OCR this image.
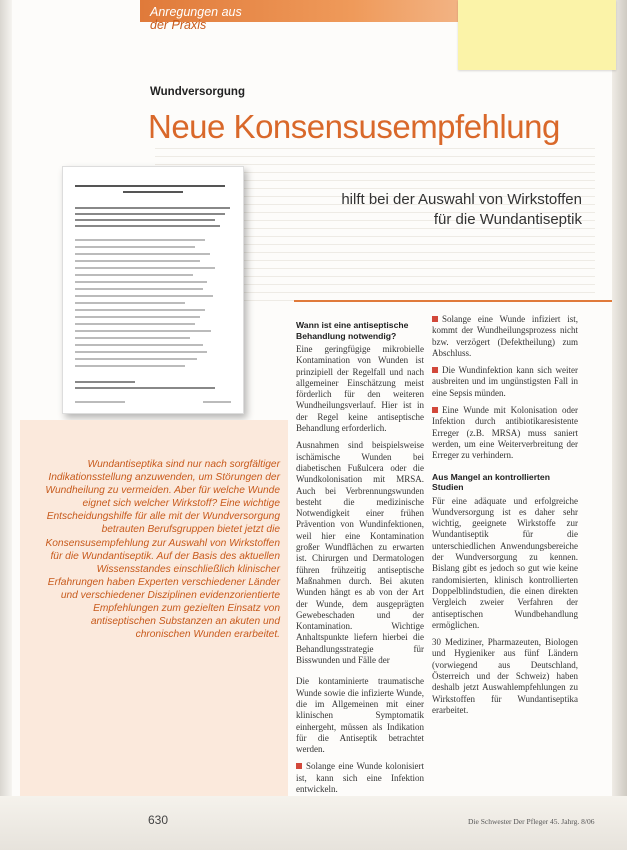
Anregungen aus
der Praxis
Wundversorgung
Neue Konsensusempfehlung
hilft bei der Auswahl von Wirkstoffen
für die Wundantiseptik
Wundantiseptika sind nur nach sorgfältiger Indikationsstellung anzuwenden, um Störungen der Wundheilung zu vermeiden. Aber für welche Wunde eignet sich welcher Wirkstoff? Eine wichtige Entscheidungshilfe für alle mit der Wundversorgung betrauten Berufsgruppen bietet jetzt die Konsensusempfehlung zur Auswahl von Wirkstoffen für die Wundantiseptik. Auf der Basis des aktuellen Wissensstandes einschließlich klinischer Erfahrungen haben Experten verschiedener Länder und verschiedener Disziplinen evidenzorientierte Empfehlungen zum gezielten Einsatz von antiseptischen Substanzen an akuten und chronischen Wunden erarbeitet.
Wann ist eine antiseptische Behandlung notwendig?

Eine geringfügige mikrobielle Kontamination von Wunden ist prinzipiell der Regelfall und nach allgemeiner Einschätzung meist förderlich für den weiteren Wundheilungsverlauf. Hier ist in der Regel keine antiseptische Behandlung erforderlich.

Ausnahmen sind beispielsweise ischämische Wunden bei diabetischen Fußulcera oder die Wundkolonisation mit MRSA. Auch bei Verbrennungswunden besteht die medizinische Notwendigkeit einer frühen Prävention von Wundinfektionen, weil hier eine Kontamination großer Wundflächen zu erwarten ist. Chirurgen und Dermatologen führen frühzeitig antiseptische Maßnahmen durch. Bei akuten Wunden hängt es ab von der Art der Wunde, dem ausgeprägten Gewebeschaden und der Kontamination. Wichtige Anhaltspunkte liefern hierbei die Behandlungsstrategie für Bisswunden und Fälle der

Die kontaminierte traumatische Wunde sowie die infizierte Wunde, die im Allgemeinen mit einer klinischen Symptomatik einhergeht, müssen als Indikation für die Antiseptik betrachtet werden.

Solange eine Wunde kolonisiert ist, kann sich eine Infektion entwickeln.

Solange eine Wunde infiziert ist, kommt der Wundheilungsprozess nicht bzw. verzögert (Defektheilung) zum Abschluss.

Die Wundinfektion kann sich weiter ausbreiten und im ungünstigsten Fall in eine Sepsis münden.

Eine Wunde mit Kolonisation oder Infektion durch antibiotikaresistente Erreger (z.B. MRSA) muss saniert werden, um eine Weiterverbreitung der Erreger zu verhindern.

Aus Mangel an kontrollierten Studien

Für eine adäquate und erfolgreiche Wundversorgung ist es daher sehr wichtig, geeignete Wirkstoffe zur Wundantiseptik für die unterschiedlichen Anwendungsbereiche der Wundversorgung zu kennen. Bislang gibt es jedoch so gut wie keine randomisierten, klinisch kontrollierten Doppelblindstudien, die einen direkten Vergleich zweier Verfahren der antiseptischen Wundbehandlung ermöglichen.

30 Mediziner, Pharmazeuten, Biologen und Hygieniker aus fünf Ländern (vorwiegend aus Deutschland, Österreich und der Schweiz) haben deshalb jetzt Auswahlempfehlungen zu Wirkstoffen für Wundantiseptika erarbeitet.

630	Die Schwester Der Pfleger 45. Jahrg. 8/06
